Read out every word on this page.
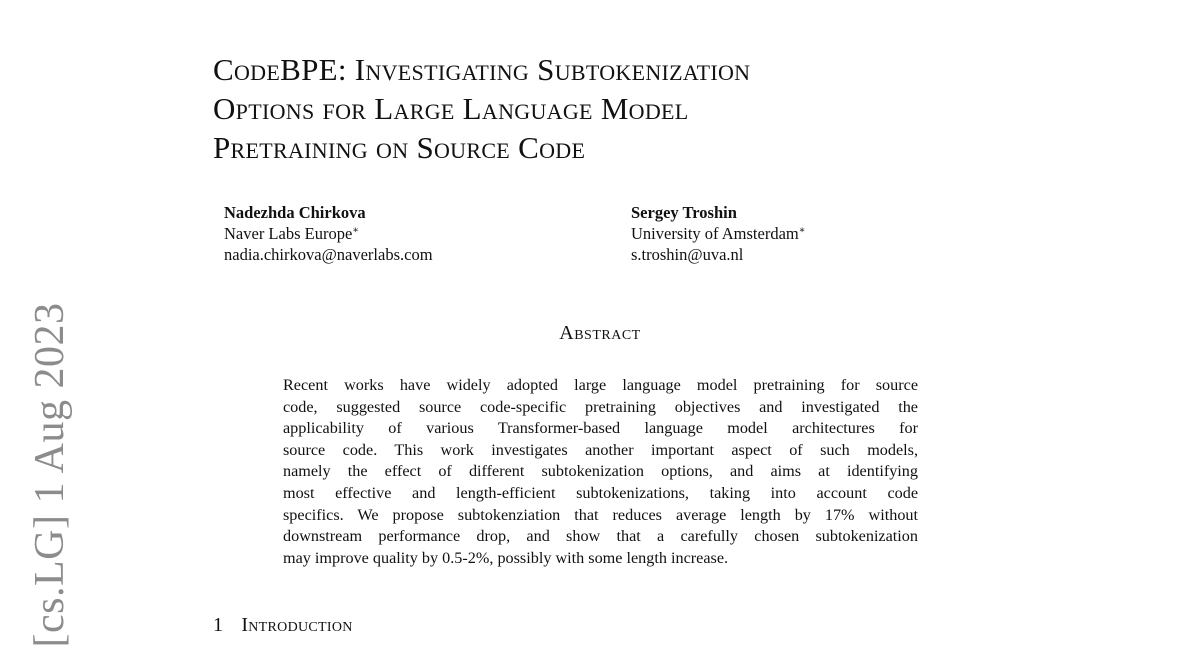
[cs.LG] 1 Aug 2023
CodeBPE: Investigating Subtokenization
Options for Large Language Model
Pretraining on Source Code
Nadezhda Chirkova
Naver Labs Europe∗
nadia.chirkova@naverlabs.com
Sergey Troshin
University of Amsterdam∗
s.troshin@uva.nl
Abstract
Recent works have widely adopted large language model pretraining for source
code, suggested source code-specific pretraining objectives and investigated the
applicability of various Transformer-based language model architectures for
source code. This work investigates another important aspect of such models,
namely the effect of different subtokenization options, and aims at identifying
most effective and length-efficient subtokenizations, taking into account code
specifics. We propose subtokenziation that reduces average length by 17% without
downstream performance drop, and show that a carefully chosen subtokenization
may improve quality by 0.5-2%, possibly with some length increase.
1 Introduction
